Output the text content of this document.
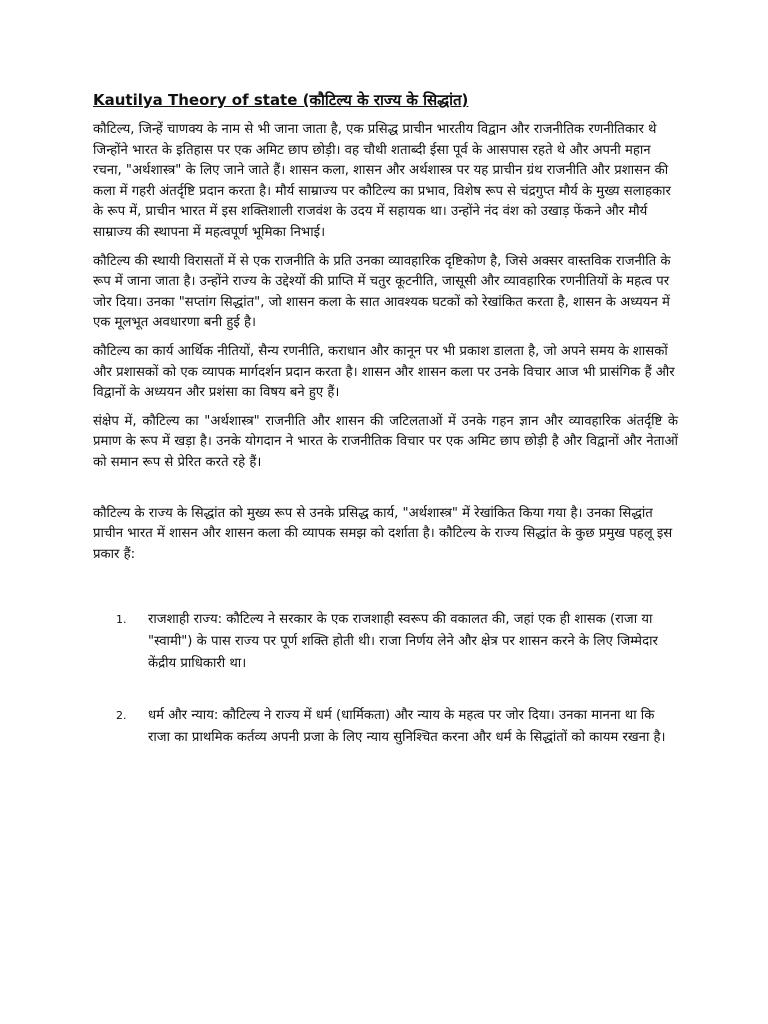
Kautilya Theory of state (कौटिल्य के राज्य के सिद्धांत)

कौटिल्य, जिन्हें चाणक्य के नाम से भी जाना जाता है, एक प्रसिद्ध प्राचीन भारतीय विद्वान और राजनीतिक रणनीतिकार थे जिन्होंने भारत के इतिहास पर एक अमिट छाप छोड़ी। वह चौथी शताब्दी ईसा पूर्व के आसपास रहते थे और अपनी महान रचना, "अर्थशास्त्र" के लिए जाने जाते हैं। शासन कला, शासन और अर्थशास्त्र पर यह प्राचीन ग्रंथ राजनीति और प्रशासन की कला में गहरी अंतर्दृष्टि प्रदान करता है। मौर्य साम्राज्य पर कौटिल्य का प्रभाव, विशेष रूप से चंद्रगुप्त मौर्य के मुख्य सलाहकार के रूप में, प्राचीन भारत में इस शक्तिशाली राजवंश के उदय में सहायक था। उन्होंने नंद वंश को उखाड़ फेंकने और मौर्य साम्राज्य की स्थापना में महत्वपूर्ण भूमिका निभाई।

कौटिल्य की स्थायी विरासतों में से एक राजनीति के प्रति उनका व्यावहारिक दृष्टिकोण है, जिसे अक्सर वास्तविक राजनीति के रूप में जाना जाता है। उन्होंने राज्य के उद्देश्यों की प्राप्ति में चतुर कूटनीति, जासूसी और व्यावहारिक रणनीतियों के महत्व पर जोर दिया। उनका "सप्तांग सिद्धांत", जो शासन कला के सात आवश्यक घटकों को रेखांकित करता है, शासन के अध्ययन में एक मूलभूत अवधारणा बनी हुई है।

कौटिल्य का कार्य आर्थिक नीतियों, सैन्य रणनीति, कराधान और कानून पर भी प्रकाश डालता है, जो अपने समय के शासकों और प्रशासकों को एक व्यापक मार्गदर्शन प्रदान करता है। शासन और शासन कला पर उनके विचार आज भी प्रासंगिक हैं और विद्वानों के अध्ययन और प्रशंसा का विषय बने हुए हैं।

संक्षेप में, कौटिल्य का "अर्थशास्त्र" राजनीति और शासन की जटिलताओं में उनके गहन ज्ञान और व्यावहारिक अंतर्दृष्टि के प्रमाण के रूप में खड़ा है। उनके योगदान ने भारत के राजनीतिक विचार पर एक अमिट छाप छोड़ी है और विद्वानों और नेताओं को समान रूप से प्रेरित करते रहे हैं।

कौटिल्य के राज्य के सिद्धांत को मुख्य रूप से उनके प्रसिद्ध कार्य, "अर्थशास्त्र" में रेखांकित किया गया है। उनका सिद्धांत प्राचीन भारत में शासन और शासन कला की व्यापक समझ को दर्शाता है। कौटिल्य के राज्य सिद्धांत के कुछ प्रमुख पहलू इस प्रकार हैं:

1. राजशाही राज्य: कौटिल्य ने सरकार के एक राजशाही स्वरूप की वकालत की, जहां एक ही शासक (राजा या "स्वामी") के पास राज्य पर पूर्ण शक्ति होती थी। राजा निर्णय लेने और क्षेत्र पर शासन करने के लिए जिम्मेदार केंद्रीय प्राधिकारी था।
2. धर्म और न्याय: कौटिल्य ने राज्य में धर्म (धार्मिकता) और न्याय के महत्व पर जोर दिया। उनका मानना था कि राजा का प्राथमिक कर्तव्य अपनी प्रजा के लिए न्याय सुनिश्चित करना और धर्म के सिद्धांतों को कायम रखना है।
